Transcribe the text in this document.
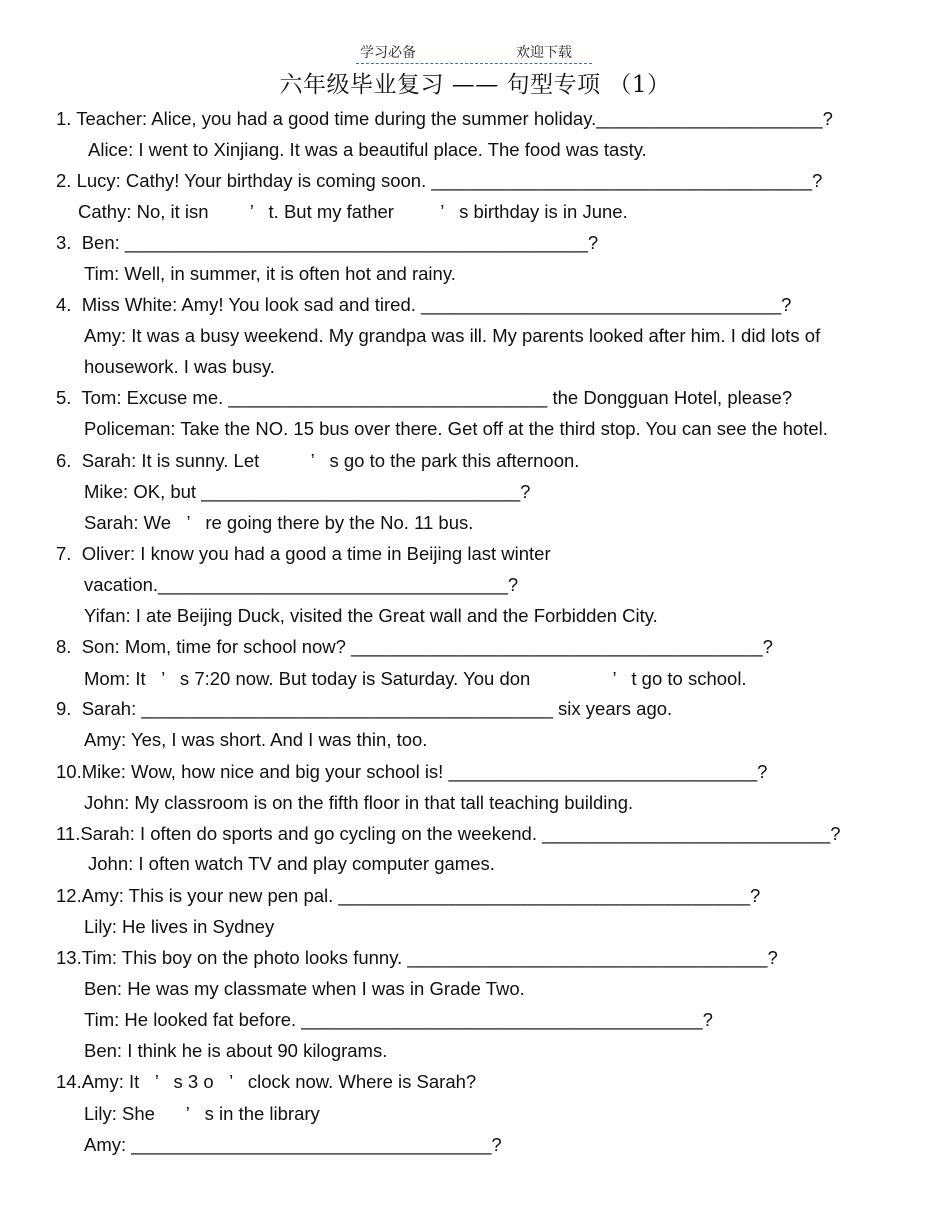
学习必备	欢迎下载
六年级毕业复习 —— 句型专项 （1）
1. Teacher: Alice, you had a good time during the summer holiday.______________________?
Alice: I went to Xinjiang. It was a beautiful place. The food was tasty.
2. Lucy: Cathy! Your birthday is coming soon. _____________________________________?
Cathy: No, it isn        ’   t. But my father         ’   s birthday is in June.
3.  Ben: _____________________________________________?
Tim: Well, in summer, it is often hot and rainy.
4.  Miss White: Amy! You look sad and tired. ___________________________________?
Amy: It was a busy weekend. My grandpa was ill. My parents looked after him. I did lots of
housework. I was busy.
5.  Tom: Excuse me. _______________________________ the Dongguan Hotel, please?
Policeman: Take the NO. 15 bus over there. Get off at the third stop. You can see the hotel.
6.  Sarah: It is sunny. Let          ’   s go to the park this afternoon.
Mike: OK, but _______________________________?
Sarah: We   ’   re going there by the No. 11 bus.
7.  Oliver: I know you had a good a time in Beijing last winter
vacation.__________________________________?
Yifan: I ate Beijing Duck, visited the Great wall and the Forbidden City.
8.  Son: Mom, time for school now? ________________________________________?
Mom: It   ’   s 7:20 now. But today is Saturday. You don                ’   t go to school.
9.  Sarah: ________________________________________ six years ago.
Amy: Yes, I was short. And I was thin, too.
10.Mike: Wow, how nice and big your school is! ______________________________?
John: My classroom is on the fifth floor in that tall teaching building.
11.Sarah: I often do sports and go cycling on the weekend. ____________________________?
John: I often watch TV and play computer games.
12.Amy: This is your new pen pal. ________________________________________?
Lily: He lives in Sydney
13.Tim: This boy on the photo looks funny. ___________________________________?
Ben: He was my classmate when I was in Grade Two.
Tim: He looked fat before. _______________________________________?
Ben: I think he is about 90 kilograms.
14.Amy: It   ’   s 3 o   ’   clock now. Where is Sarah?
Lily: She      ’   s in the library
Amy: ___________________________________?
